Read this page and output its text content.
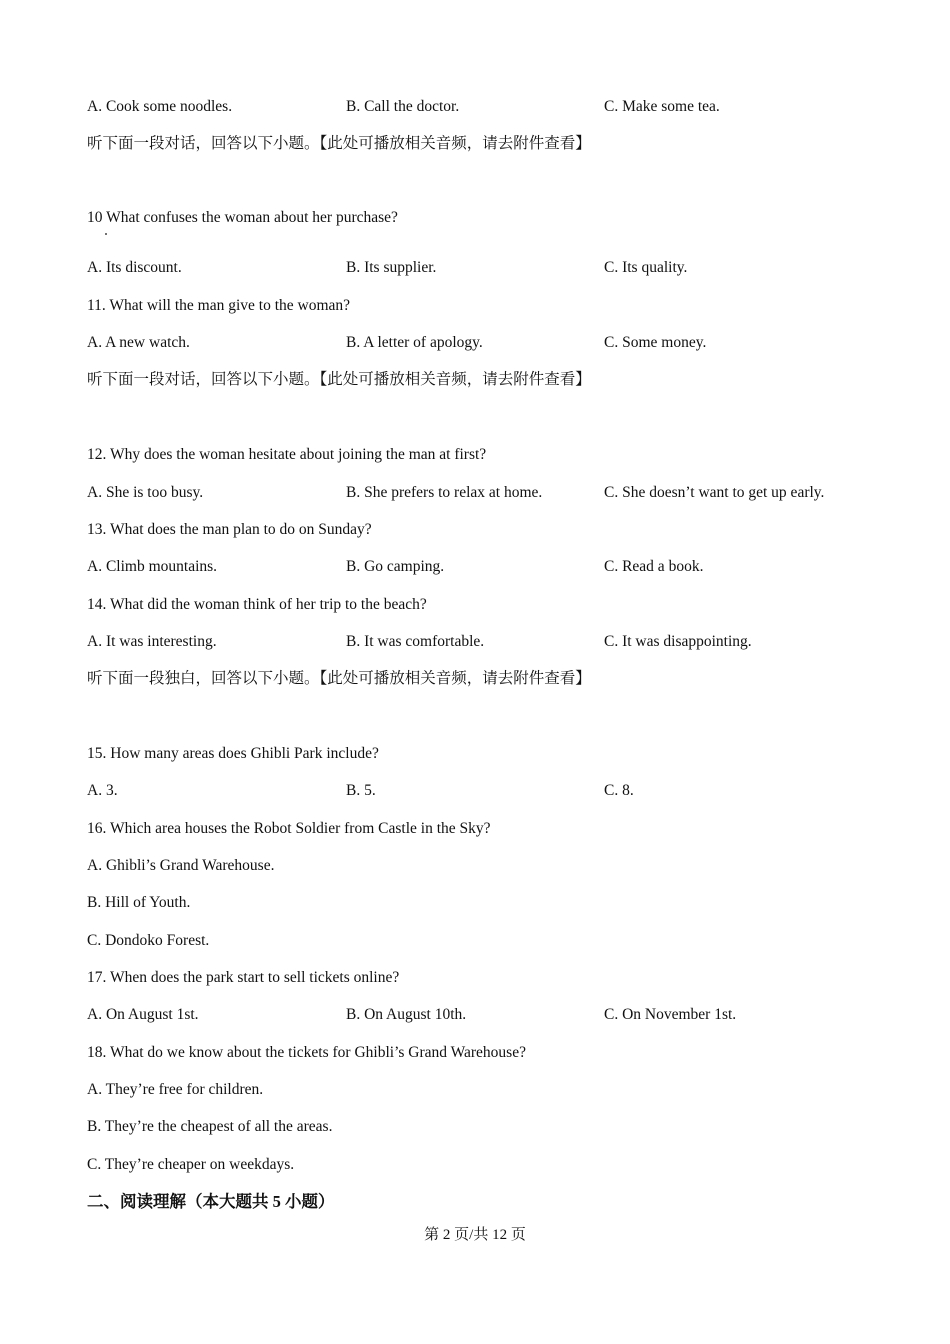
A. Cook some noodles.	B. Call the doctor.	C. Make some tea.
听下面一段对话，回答以下小题。【此处可播放相关音频，请去附件查看】
10 What confuses the woman about her purchase?
A. Its discount.	B. Its supplier.	C. Its quality.
11. What will the man give to the woman?
A. A new watch.	B. A letter of apology.	C. Some money.
听下面一段对话，回答以下小题。【此处可播放相关音频，请去附件查看】
12. Why does the woman hesitate about joining the man at first?
A. She is too busy.	B. She prefers to relax at home.	C. She doesn’t want to get up early.
13. What does the man plan to do on Sunday?
A. Climb mountains.	B. Go camping.	C. Read a book.
14. What did the woman think of her trip to the beach?
A. It was interesting.	B. It was comfortable.	C. It was disappointing.
听下面一段独白，回答以下小题。【此处可播放相关音频，请去附件查看】
15. How many areas does Ghibli Park include?
A. 3.	B. 5.	C. 8.
16. Which area houses the Robot Soldier from Castle in the Sky?
A. Ghibli’s Grand Warehouse.
B. Hill of Youth.
C. Dondoko Forest.
17. When does the park start to sell tickets online?
A. On August 1st.	B. On August 10th.	C. On November 1st.
18. What do we know about the tickets for Ghibli’s Grand Warehouse?
A. They’re free for children.
B. They’re the cheapest of all the areas.
C. They’re cheaper on weekdays.
二、阅读理解（本大题共 5 小题）
第 2 页/共 12 页
